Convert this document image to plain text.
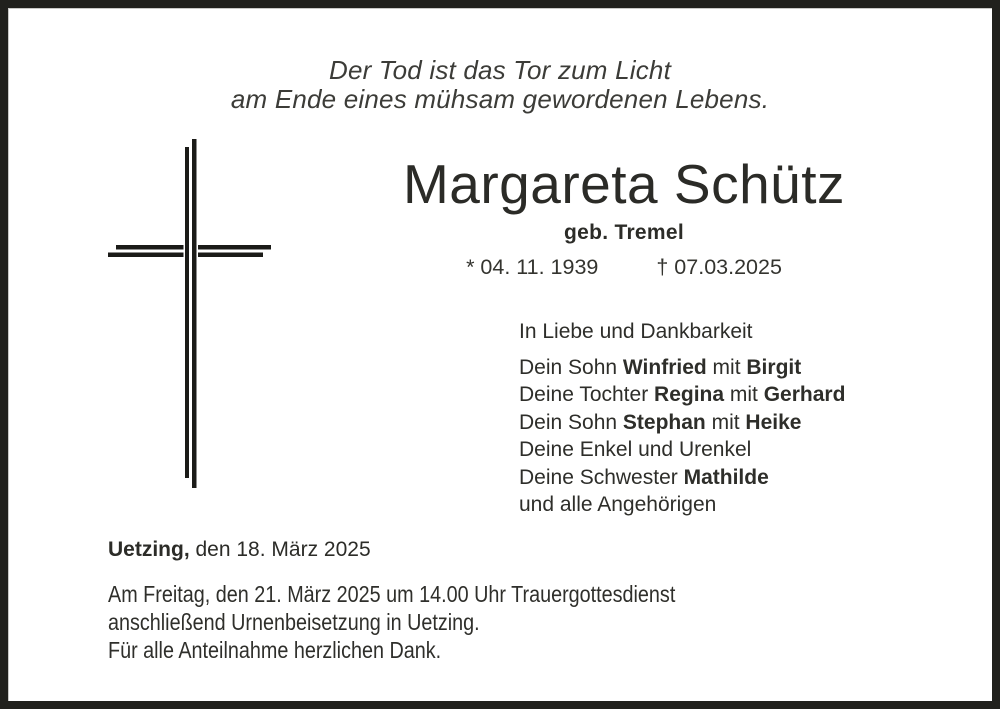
Der Tod ist das Tor zum Licht
am Ende eines mühsam gewordenen Lebens.
Margareta Schütz
geb. Tremel
* 04. 11. 1939	† 07.03.2025
In Liebe und Dankbarkeit
Dein Sohn Winfried mit Birgit
Deine Tochter Regina mit Gerhard
Dein Sohn Stephan mit Heike
Deine Enkel und Urenkel
Deine Schwester Mathilde
und alle Angehörigen
Uetzing, den 18. März 2025
Am Freitag, den 21. März 2025 um 14.00 Uhr Trauergottesdienst
anschließend Urnenbeisetzung in Uetzing.
Für alle Anteilnahme herzlichen Dank.
